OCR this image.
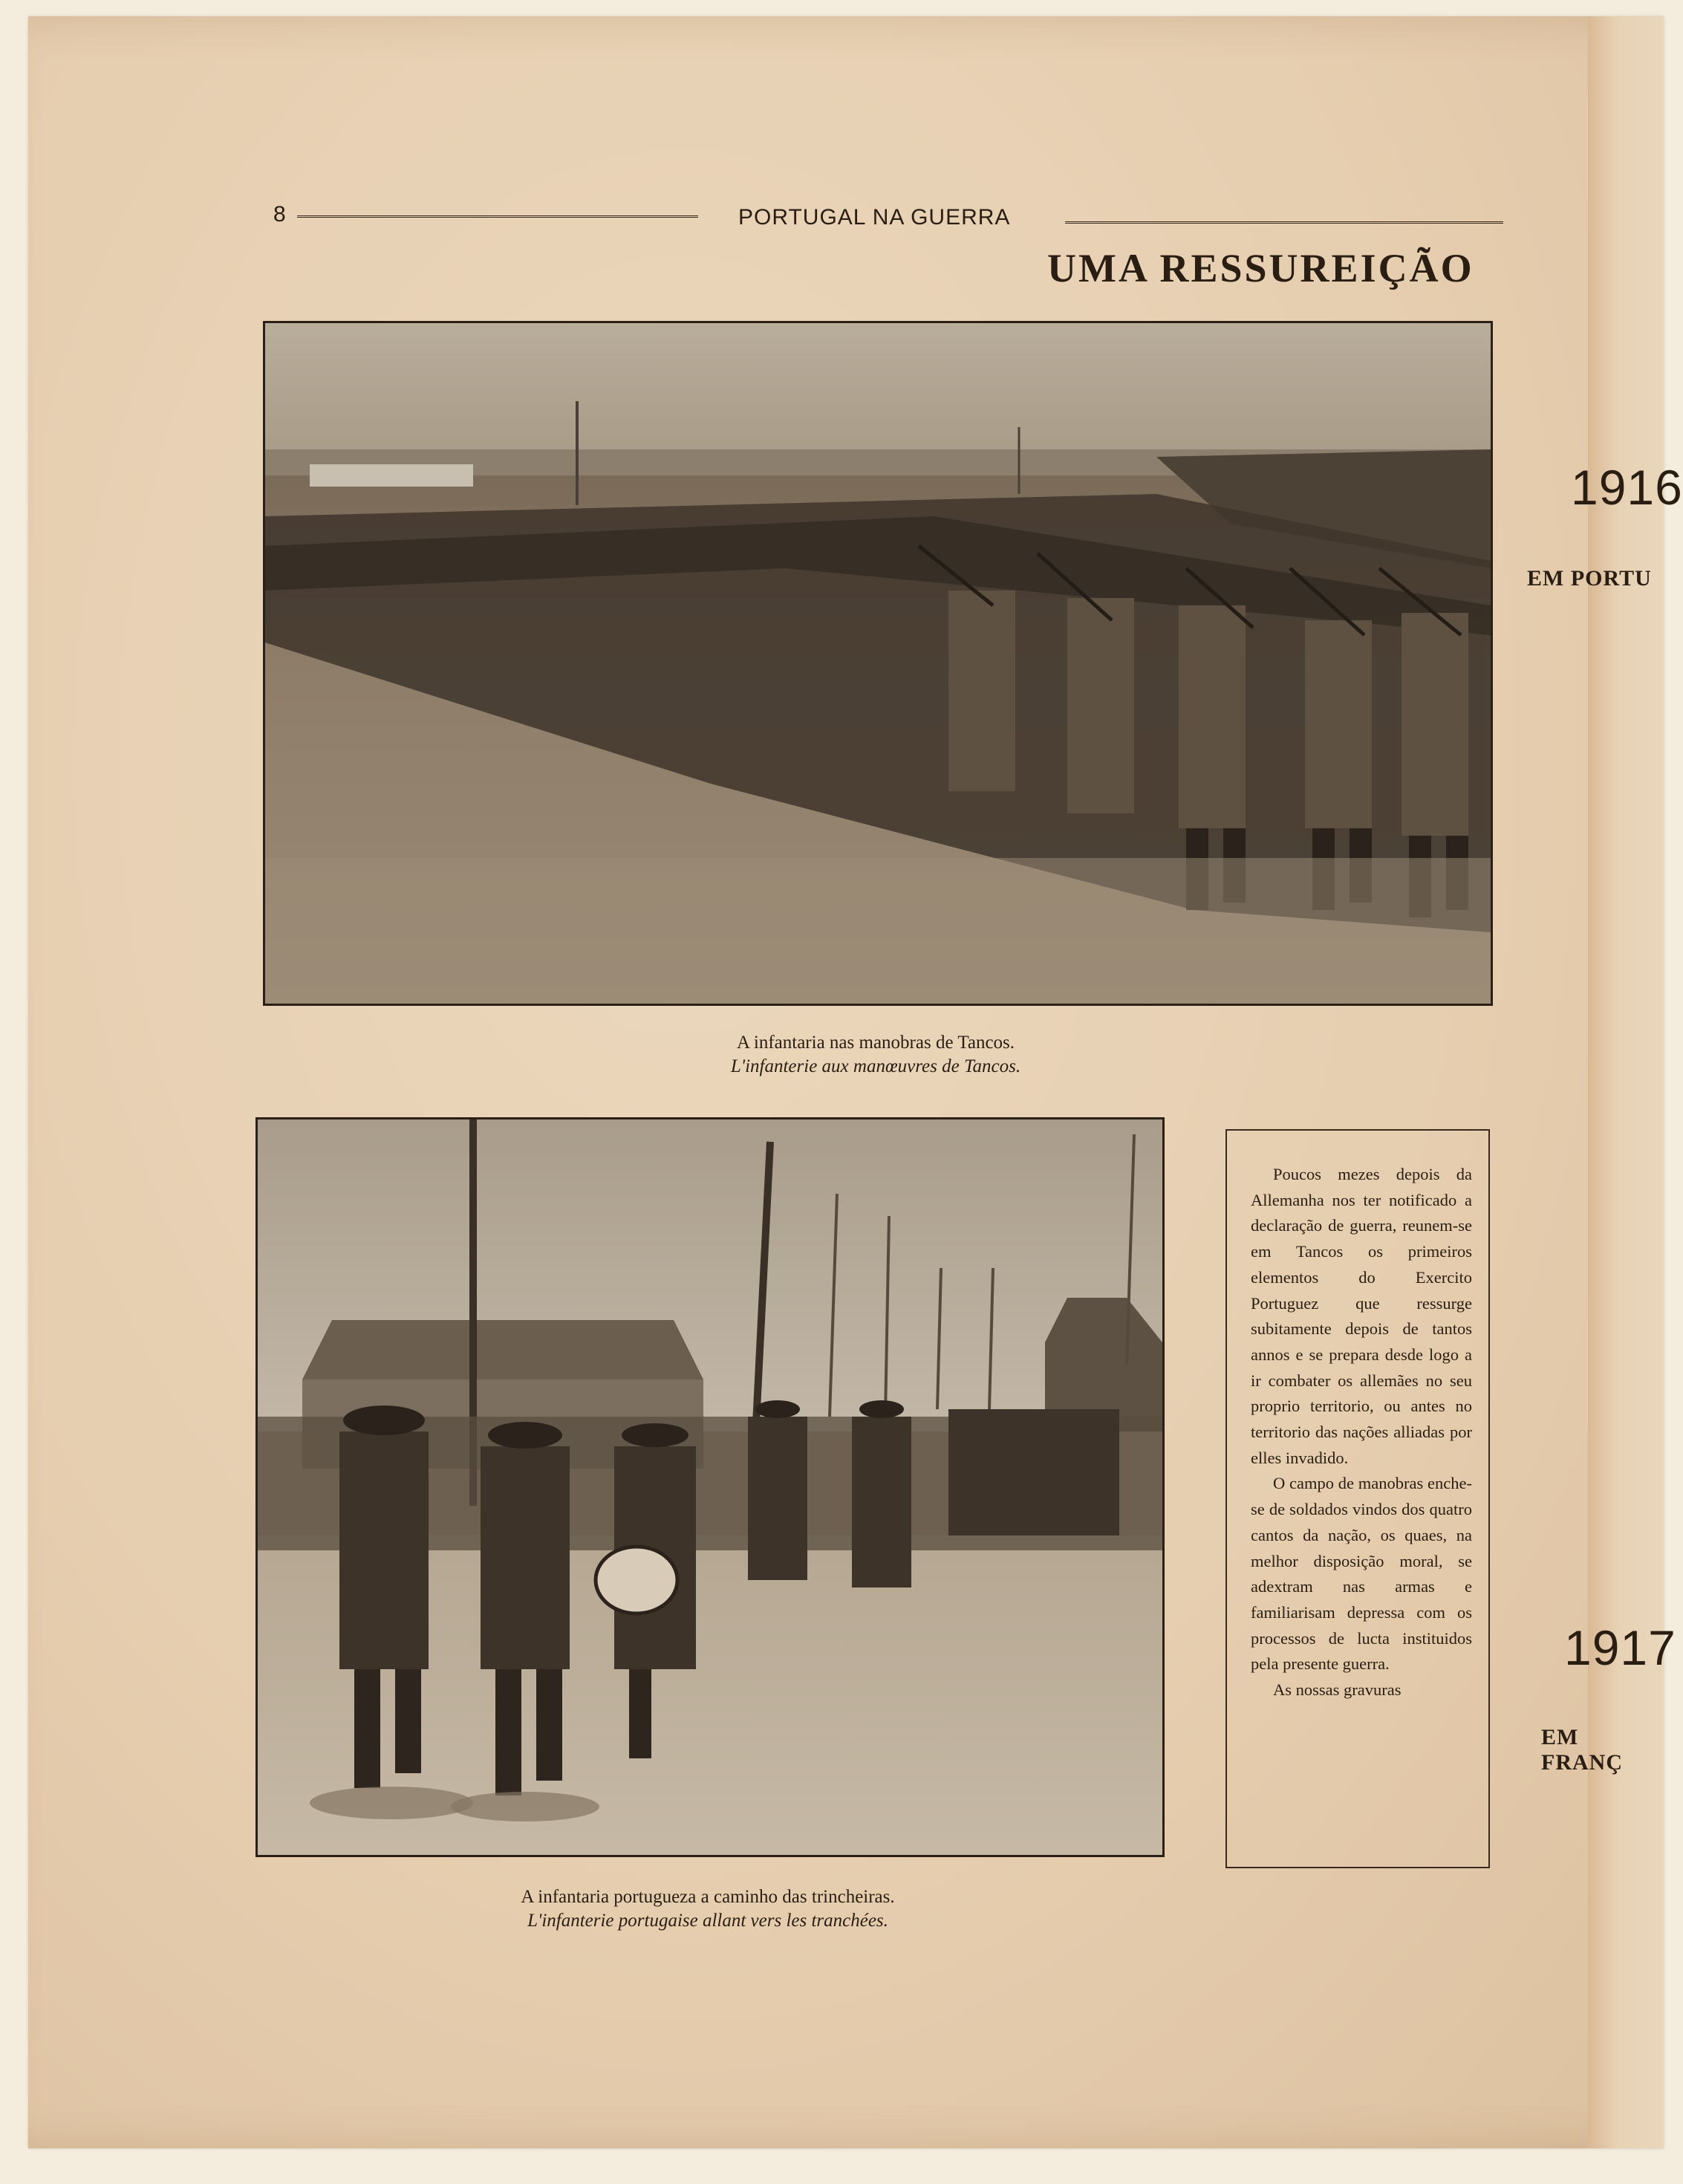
8	PORTUGAL NA GUERRA
UMA RESSUREIÇÃO
A infantaria nas manobras de Tancos.
L'infanterie aux manœuvres de Tancos.
A infantaria portugueza a caminho das trincheiras.
L'infanterie portugaise allant vers les tranchées.

Poucos mezes depois da Allemanha nos ter notificado a declaração de guerra, reunem-se em Tancos os primeiros elementos do Exercito Portuguez que ressurge subitamente depois de tantos annos e se prepara desde logo a ir combater os allemães no seu proprio territorio, ou antes no territorio das nações alliadas por elles invadido.

O campo de manobras enche-se de soldados vindos dos quatro cantos da nação, os quaes, na melhor disposição moral, se adextram nas armas e familiarisam depressa com os processos de lucta instituidos pela presente guerra.

As nossas gravuras

1916
EM PORTU
1917
EM FRANÇ
